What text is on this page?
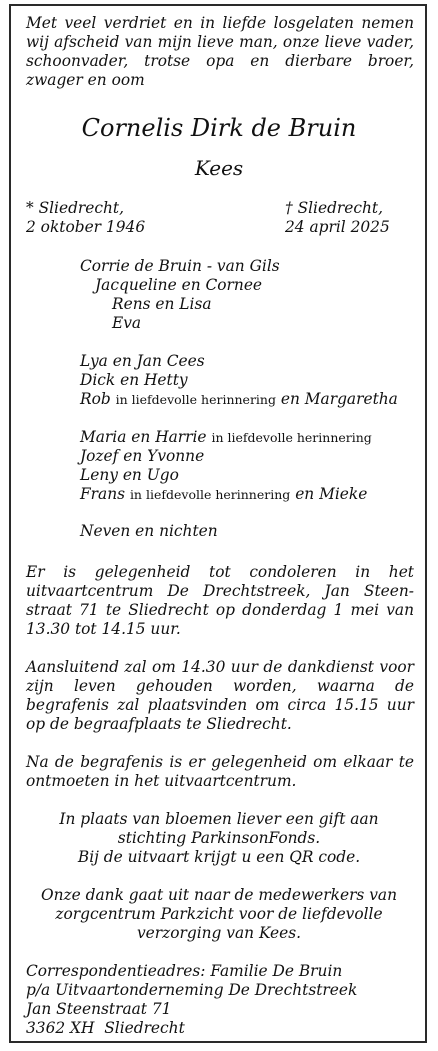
Met veel verdriet en in liefde losgelaten nemen
wij afscheid van mijn lieve man, onze lieve vader,
schoonvader, trotse opa en dierbare broer,
zwager en oom
Cornelis Dirk de Bruin
Kees
* Sliedrecht,
2 oktober 1946
† Sliedrecht,
24 april 2025
Corrie de Bruin - van Gils
Jacqueline en Cornee
Rens en Lisa
Eva
Lya en Jan Cees
Dick en Hetty
Rob in liefdevolle herinnering en Margaretha
Maria en Harrie in liefdevolle herinnering
Jozef en Yvonne
Leny en Ugo
Frans in liefdevolle herinnering en Mieke
Neven en nichten
Er is gelegenheid tot condoleren in het
uitvaartcentrum De Drechtstreek, Jan Steen-
straat 71 te Sliedrecht op donderdag 1 mei van
13.30 tot 14.15 uur.
Aansluitend zal om 14.30 uur de dankdienst voor
zijn leven gehouden worden, waarna de
begrafenis zal plaatsvinden om circa 15.15 uur
op de begraafplaats te Sliedrecht.
Na de begrafenis is er gelegenheid om elkaar te
ontmoeten in het uitvaartcentrum.
In plaats van bloemen liever een gift aan
stichting ParkinsonFonds.
Bij de uitvaart krijgt u een QR code.
Onze dank gaat uit naar de medewerkers van
zorgcentrum Parkzicht voor de liefdevolle
verzorging van Kees.
Correspondentieadres: Familie De Bruin
p/a Uitvaartonderneming De Drechtstreek
Jan Steenstraat 71
3362 XH  Sliedrecht
